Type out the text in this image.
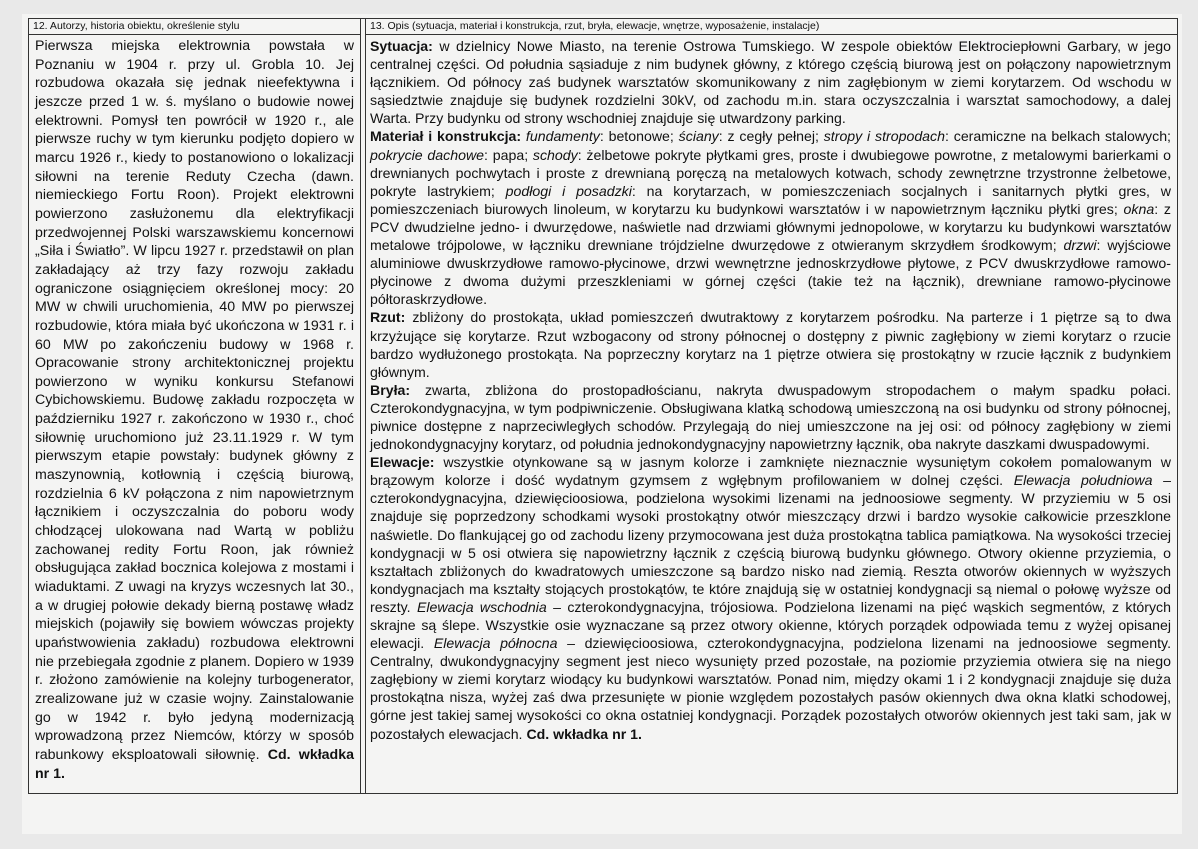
12. Autorzy, historia obiektu, określenie stylu

Pierwsza miejska elektrownia powstała w Poznaniu w 1904 r. przy ul. Grobla 10. Jej rozbudowa okazała się jednak nieefektywna i jeszcze przed 1 w. ś. myślano o budowie nowej elektrowni. Pomysł ten powrócił w 1920 r., ale pierwsze ruchy w tym kierunku podjęto dopiero w marcu 1926 r., kiedy to postanowiono o lokalizacji siłowni na terenie Reduty Czecha (dawn. niemieckiego Fortu Roon). Projekt elektrowni powierzono zasłużonemu dla elektryfikacji przedwojennej Polski warszawskiemu koncernowi „Siła i Światło”. W lipcu 1927 r. przedstawił on plan zakładający aż trzy fazy rozwoju zakładu ograniczone osiągnięciem określonej mocy: 20 MW w chwili uruchomienia, 40 MW po pierwszej rozbudowie, która miała być ukończona w 1931 r. i 60 MW po zakończeniu budowy w 1968 r. Opracowanie strony architektonicznej projektu powierzono w wyniku konkursu Stefanowi Cybichowskiemu. Budowę zakładu rozpoczęta w październiku 1927 r. zakończono w 1930 r., choć siłownię uruchomiono już 23.11.1929 r. W tym pierwszym etapie powstały: budynek główny z maszynownią, kotłownią i częścią biurową, rozdzielnia 6 kV połączona z nim napowietrznym łącznikiem i oczyszczalnia do poboru wody chłodzącej ulokowana nad Wartą w pobliżu zachowanej redity Fortu Roon, jak również obsługująca zakład bocznica kolejowa z mostami i wiaduktami. Z uwagi na kryzys wczesnych lat 30., a w drugiej połowie dekady bierną postawę władz miejskich (pojawiły się bowiem wówczas projekty upaństwowienia zakładu) rozbudowa elektrowni nie przebiegała zgodnie z planem. Dopiero w 1939 r. złożono zamówienie na kolejny turbogenerator, zrealizowane już w czasie wojny. Zainstalowanie go w 1942 r. było jedyną modernizacją wprowadzoną przez Niemców, którzy w sposób rabunkowy eksploatowali siłownię. Cd. wkładka nr 1.

13. Opis (sytuacja, materiał i konstrukcja, rzut, bryła, elewacje, wnętrze, wyposażenie, instalacje)

Sytuacja: w dzielnicy Nowe Miasto, na terenie Ostrowa Tumskiego. W zespole obiektów Elektrociepłowni Garbary, w jego centralnej części. Od południa sąsiaduje z nim budynek główny, z którego częścią biurową jest on połączony napowietrznym łącznikiem. Od północy zaś budynek warsztatów skomunikowany z nim zagłębionym w ziemi korytarzem. Od wschodu w sąsiedztwie znajduje się budynek rozdzielni 30kV, od zachodu m.in. stara oczyszczalnia i warsztat samochodowy, a dalej Warta. Przy budynku od strony wschodniej znajduje się utwardzony parking.

Materiał i konstrukcja: fundamenty: betonowe; ściany: z cegły pełnej; stropy i stropodach: ceramiczne na belkach stalowych; pokrycie dachowe: papa; schody: żelbetowe pokryte płytkami gres, proste i dwubiegowe powrotne, z metalowymi barierkami o drewnianych pochwytach i proste z drewnianą poręczą na metalowych kotwach, schody zewnętrzne trzystronne żelbetowe, pokryte lastrykiem; podłogi i posadzki: na korytarzach, w pomieszczeniach socjalnych i sanitarnych płytki gres, w pomieszczeniach biurowych linoleum, w korytarzu ku budynkowi warsztatów i w napowietrznym łączniku płytki gres; okna: z PCV dwudzielne jedno- i dwurzędowe, naświetle nad drzwiami głównymi jednopolowe, w korytarzu ku budynkowi warsztatów metalowe trójpolowe, w łączniku drewniane trójdzielne dwurzędowe z otwieranym skrzydłem środkowym; drzwi: wyjściowe aluminiowe dwuskrzydłowe ramowo-płycinowe, drzwi wewnętrzne jednoskrzydłowe płytowe, z PCV dwuskrzydłowe ramowo-płycinowe z dwoma dużymi przeszkleniami w górnej części (takie też na łącznik), drewniane ramowo-płycinowe półtoraskrzydłowe.

Rzut: zbliżony do prostokąta, układ pomieszczeń dwutraktowy z korytarzem pośrodku. Na parterze i 1 piętrze są to dwa krzyżujące się korytarze. Rzut wzbogacony od strony północnej o dostępny z piwnic zagłębiony w ziemi korytarz o rzucie bardzo wydłużonego prostokąta. Na poprzeczny korytarz na 1 piętrze otwiera się prostokątny w rzucie łącznik z budynkiem głównym.

Bryła: zwarta, zbliżona do prostopadłościanu, nakryta dwuspadowym stropodachem o małym spadku połaci. Czterokondygnacyjna, w tym podpiwniczenie. Obsługiwana klatką schodową umieszczoną na osi budynku od strony północnej, piwnice dostępne z naprzeciwległych schodów. Przylegają do niej umieszczone na jej osi: od północy zagłębiony w ziemi jednokondygnacyjny korytarz, od południa jednokondygnacyjny napowietrzny łącznik, oba nakryte daszkami dwuspadowymi.

Elewacje: wszystkie otynkowane są w jasnym kolorze i zamknięte nieznacznie wysuniętym cokołem pomalowanym w brązowym kolorze i dość wydatnym gzymsem z wgłębnym profilowaniem w dolnej części. Elewacja południowa – czterokondygnacyjna, dziewięcioosiowa, podzielona wysokimi lizenami na jednoosiowe segmenty. W przyziemiu w 5 osi znajduje się poprzedzony schodkami wysoki prostokątny otwór mieszczący drzwi i bardzo wysokie całkowicie przeszklone naświetle. Do flankującej go od zachodu lizeny przymocowana jest duża prostokątna tablica pamiątkowa. Na wysokości trzeciej kondygnacji w 5 osi otwiera się napowietrzny łącznik z częścią biurową budynku głównego. Otwory okienne przyziemia, o kształtach zbliżonych do kwadratowych umieszczone są bardzo nisko nad ziemią. Reszta otworów okiennych w wyższych kondygnacjach ma kształty stojących prostokątów, te które znajdują się w ostatniej kondygnacji są niemal o połowę wyższe od reszty. Elewacja wschodnia – czterokondygnacyjna, trójosiowa. Podzielona lizenami na pięć wąskich segmentów, z których skrajne są ślepe. Wszystkie osie wyznaczane są przez otwory okienne, których porządek odpowiada temu z wyżej opisanej elewacji. Elewacja północna – dziewięcioosiowa, czterokondygnacyjna, podzielona lizenami na jednoosiowe segmenty. Centralny, dwukondygnacyjny segment jest nieco wysunięty przed pozostałe, na poziomie przyziemia otwiera się na niego zagłębiony w ziemi korytarz wiodący ku budynkowi warsztatów. Ponad nim, między okami 1 i 2 kondygnacji znajduje się duża prostokątna nisza, wyżej zaś dwa przesunięte w pionie względem pozostałych pasów okiennych dwa okna klatki schodowej, górne jest takiej samej wysokości co okna ostatniej kondygnacji. Porządek pozostałych otworów okiennych jest taki sam, jak w pozostałych elewacjach. Cd. wkładka nr 1.
